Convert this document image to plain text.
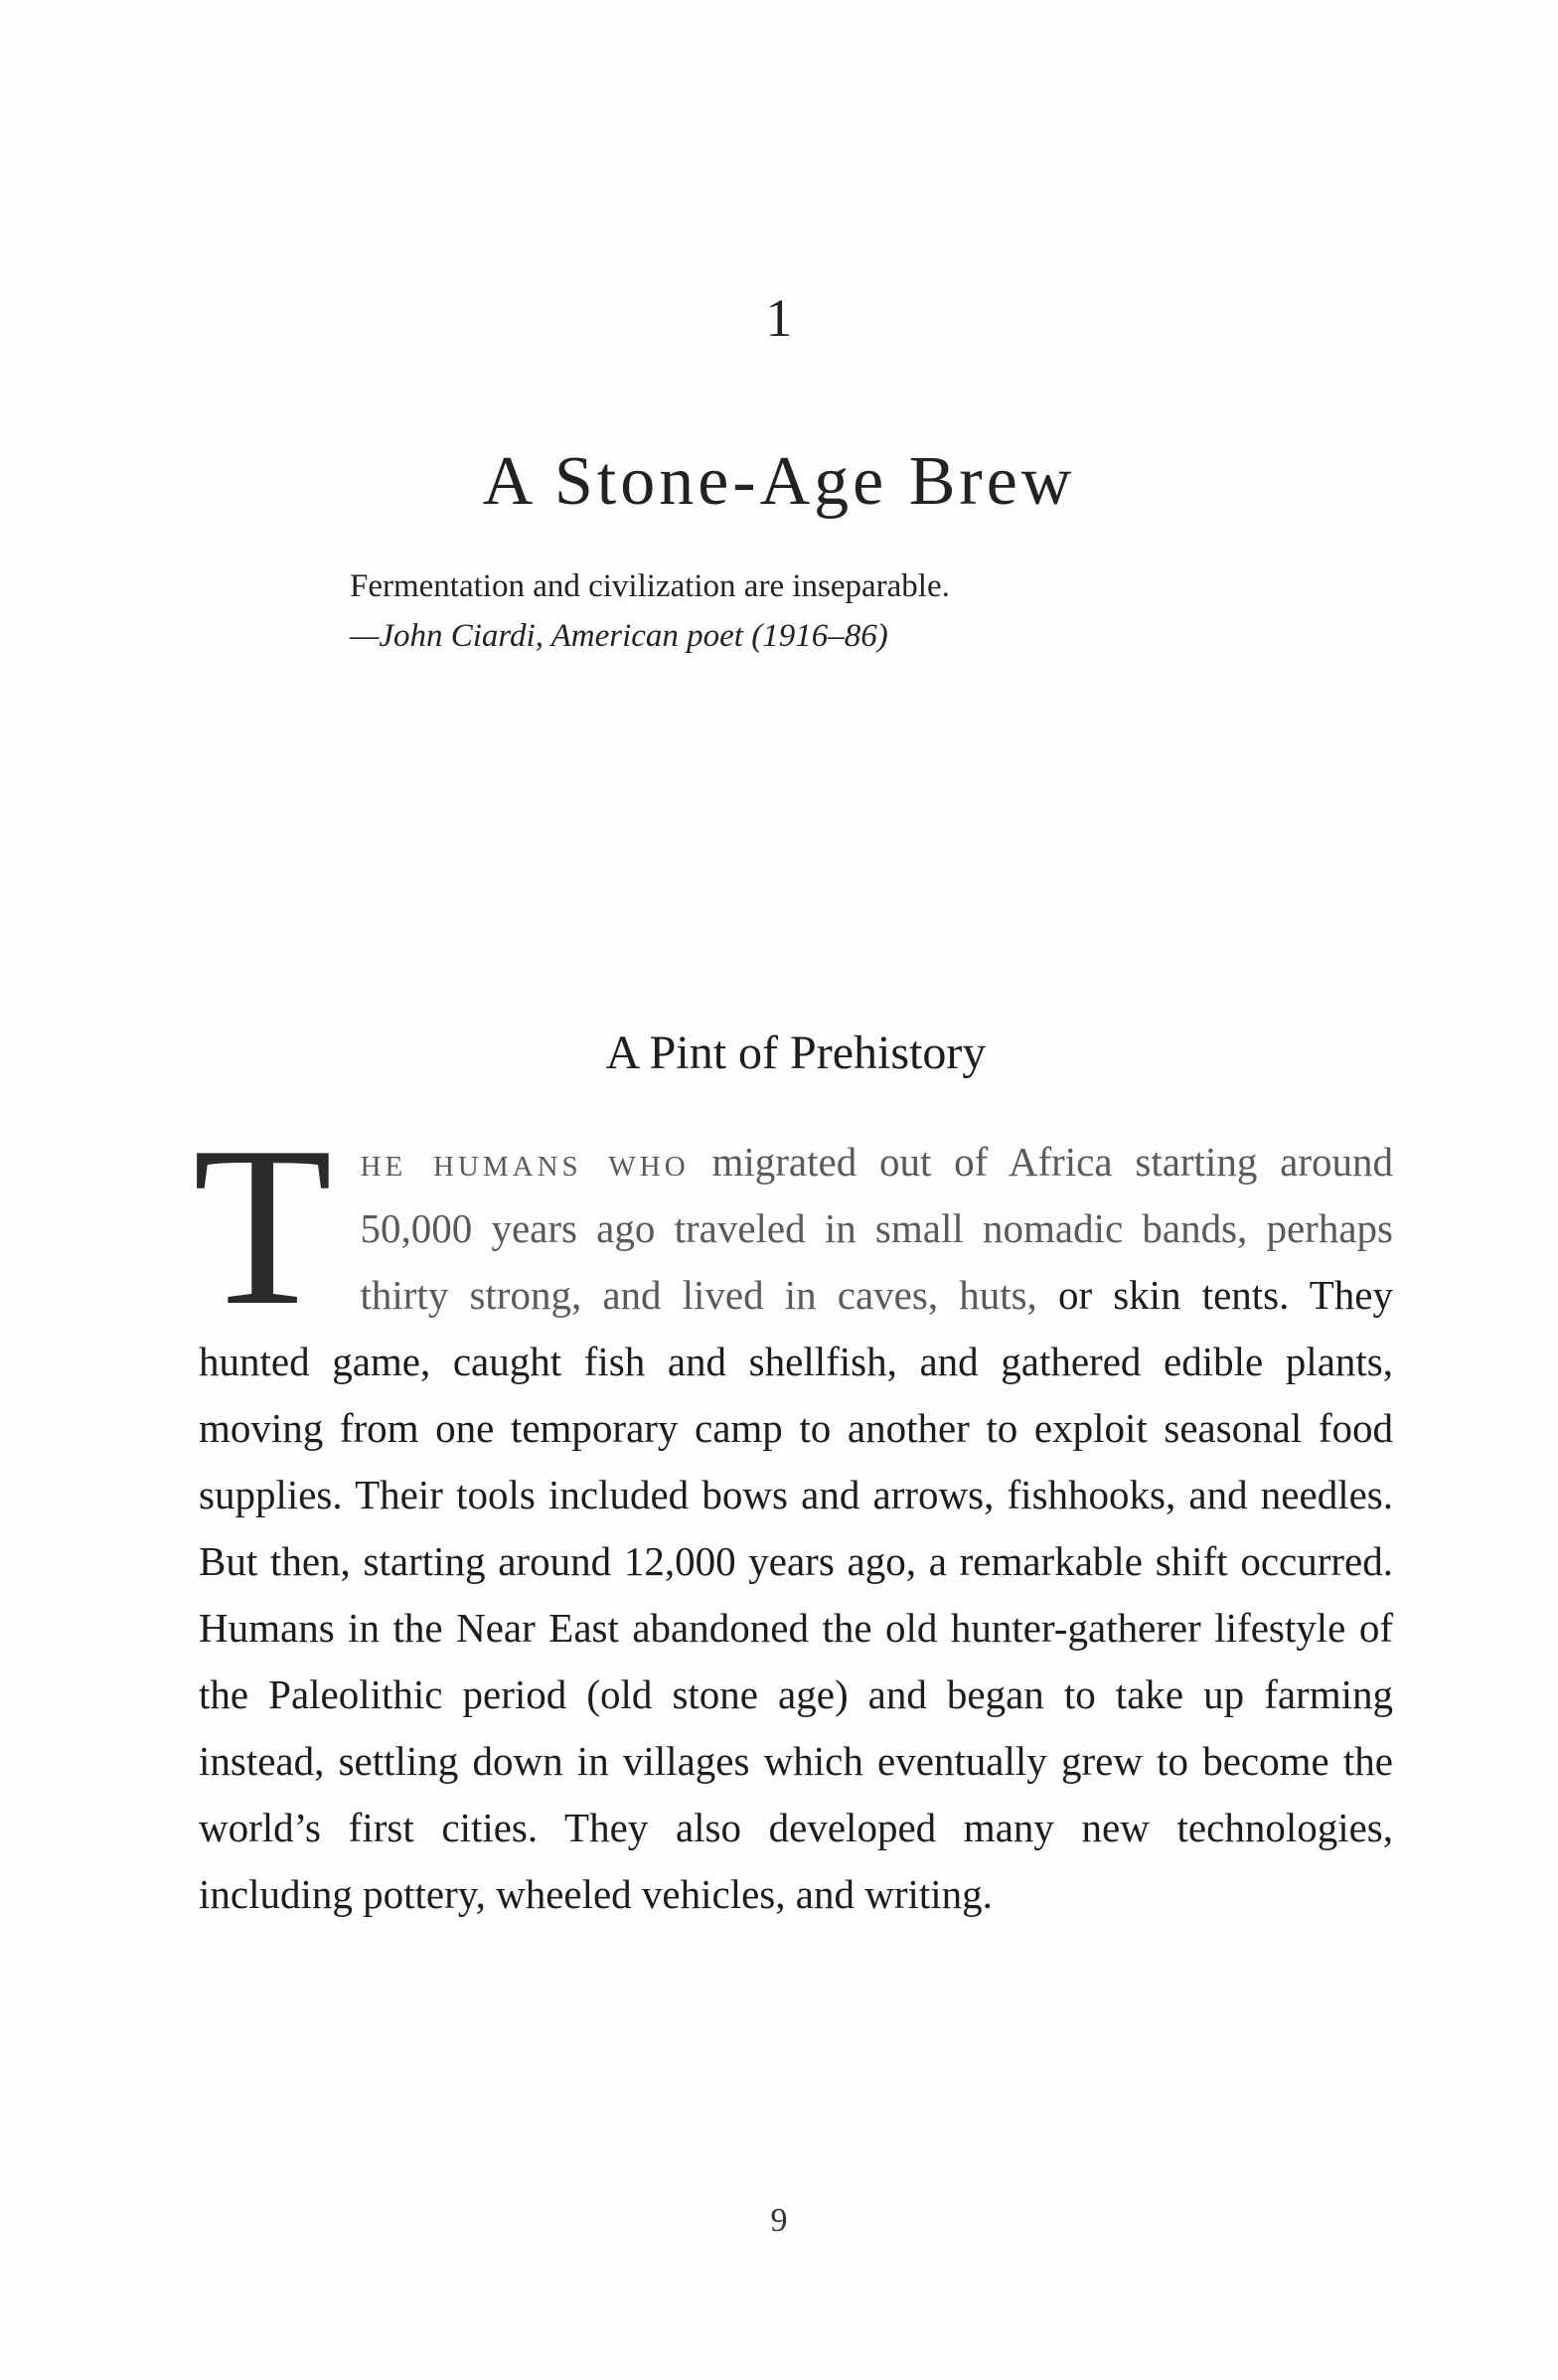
1
A Stone-Age Brew
Fermentation and civilization are inseparable.
—John Ciardi, American poet (1916–86)
A Pint of Prehistory
The humans who migrated out of Africa starting around 50,000 years ago traveled in small nomadic bands, perhaps thirty strong, and lived in caves, huts, or skin tents. They hunted game, caught fish and shellfish, and gathered edible plants, moving from one temporary camp to another to exploit seasonal food supplies. Their tools included bows and arrows, fishhooks, and needles. But then, starting around 12,000 years ago, a remarkable shift occurred. Humans in the Near East abandoned the old hunter-gatherer lifestyle of the Paleolithic period (old stone age) and began to take up farming instead, settling down in villages which eventually grew to become the world’s first cities. They also developed many new technologies, including pottery, wheeled vehicles, and writing.
9
